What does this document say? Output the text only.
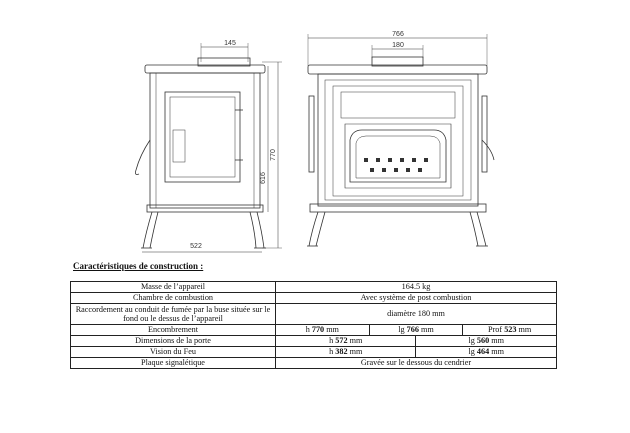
145
522
770
616
766
180
Caractéristiques de construction :
Masse de l’appareil	164.5 kg			
Chambre de combustion	Avec système de post combustion			
Raccordement au conduit de fumée par la buse située sur le fond ou le dessus de l’appareil	diamètre 180 mm			
Encombrement	h 770 mm	lg 766 mm		Prof 523 mm
Dimensions de la porte	h 572 mm		lg 560 mm	
Vision du Feu	h 382 mm		lg 464 mm	
Plaque signalétique	Gravée sur le dessous du cendrier			
